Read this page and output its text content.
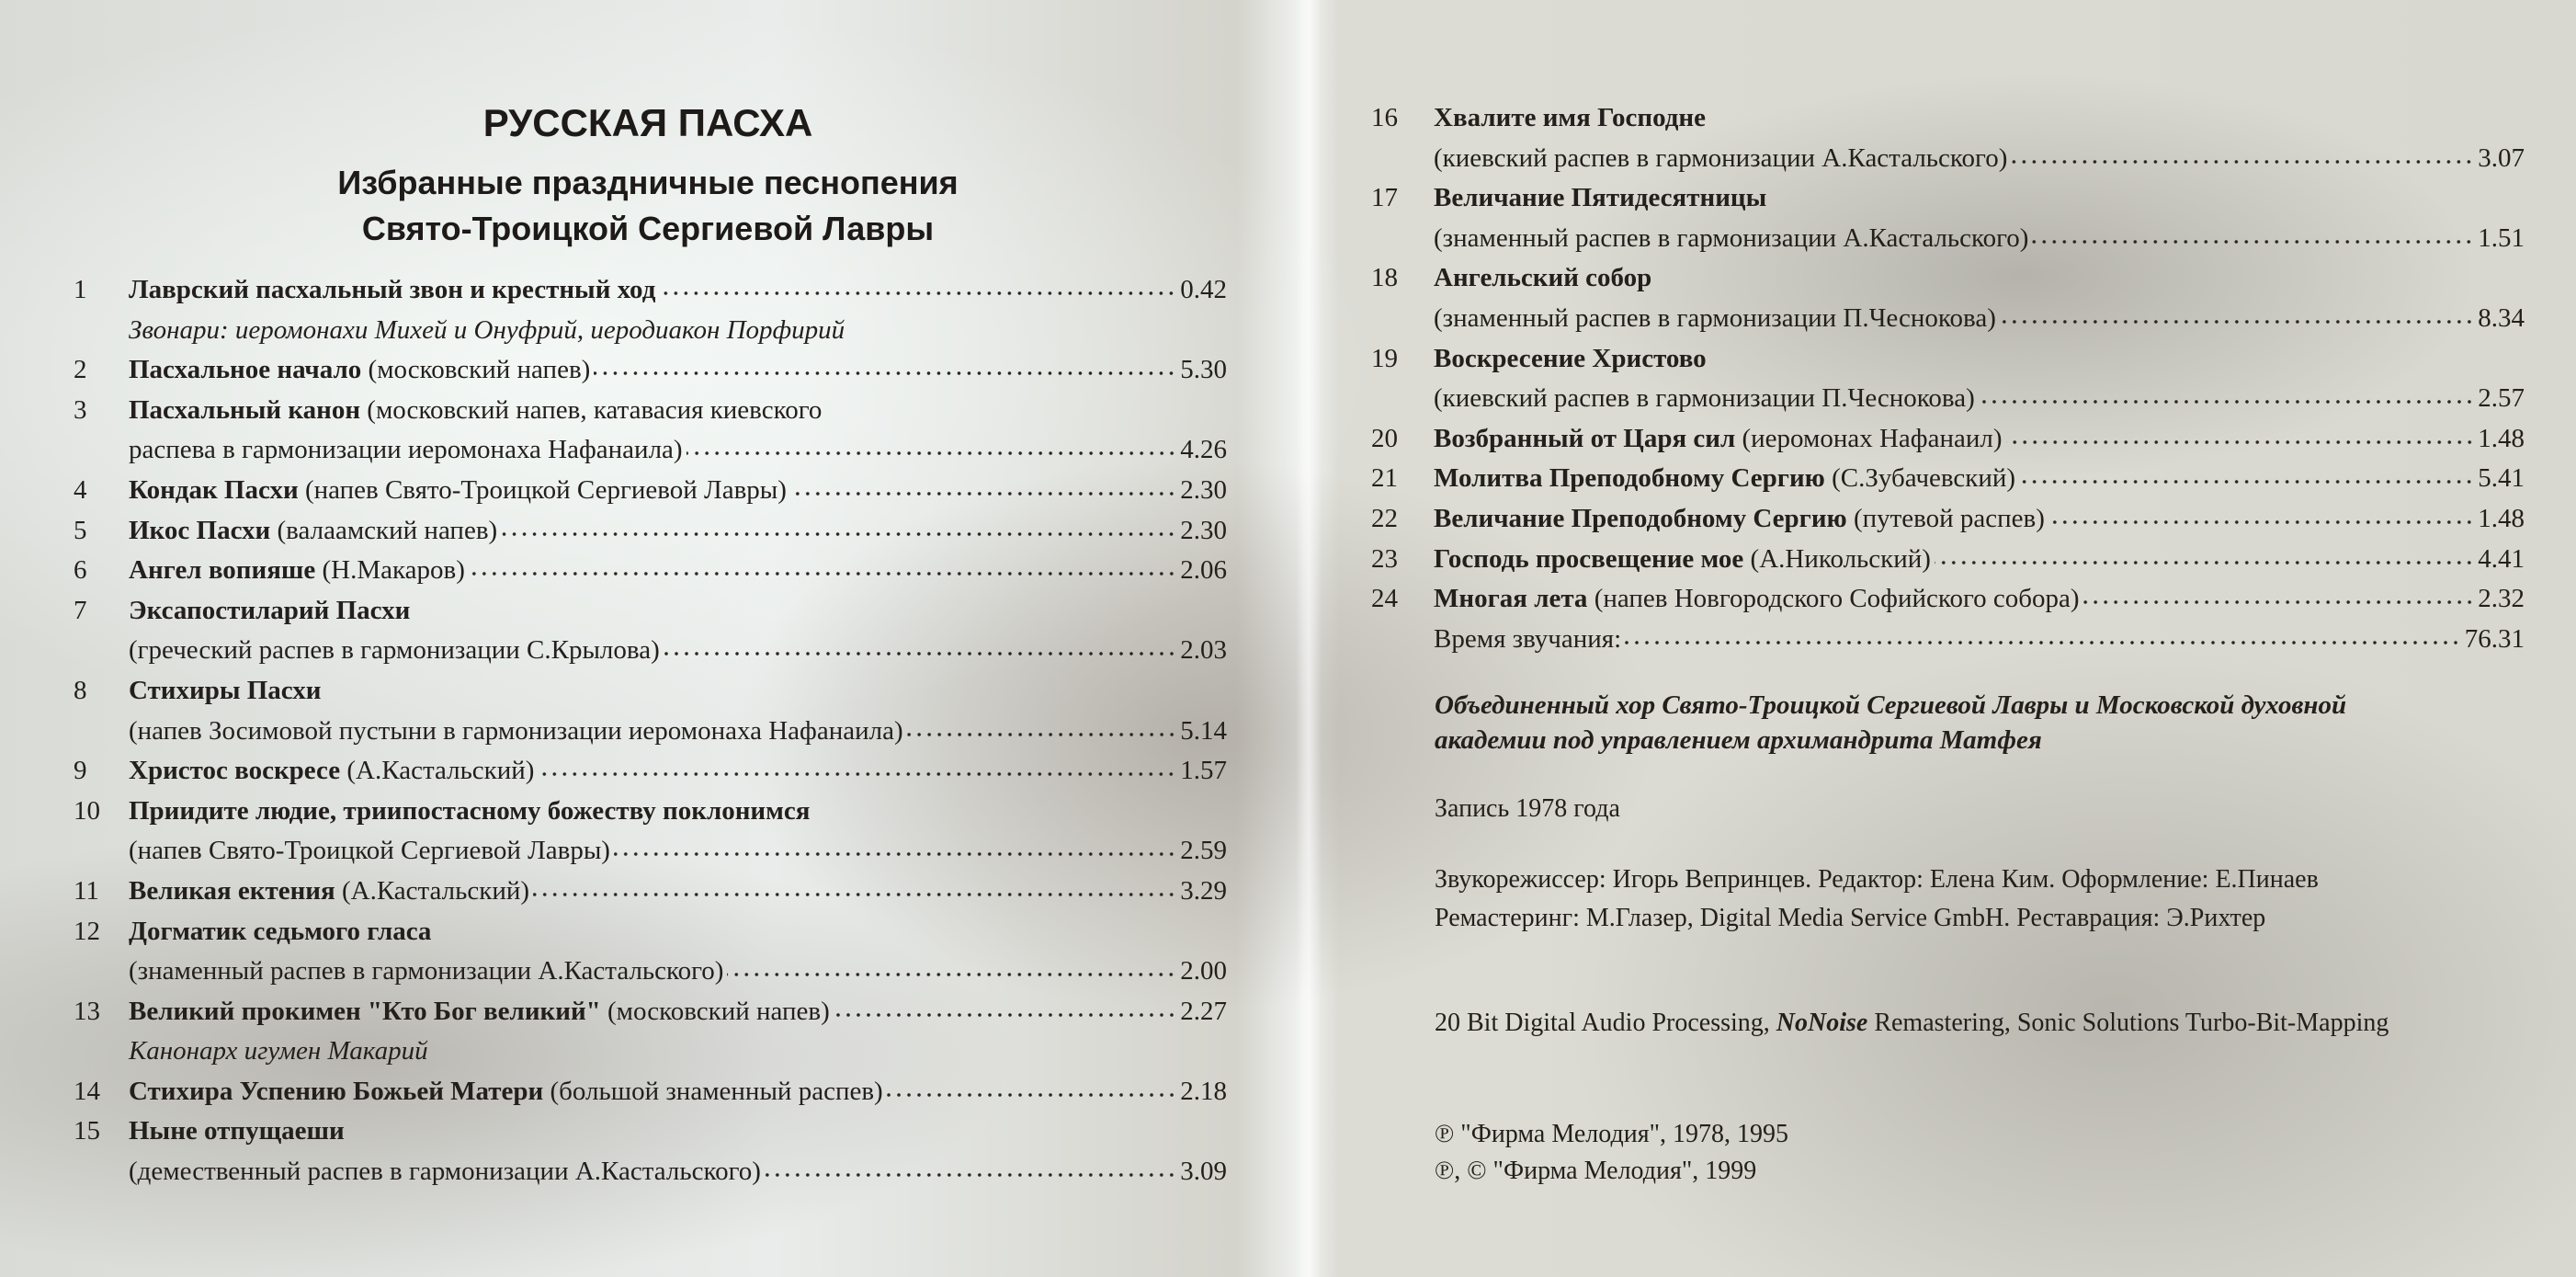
РУССКАЯ ПАСХА
Избранные праздничные песнопения
Свято-Троицкой Сергиевой Лавры
1	Лаврский пасхальный звон и крестный ход	0.42
Звонари: иеромонахи Михей и Онуфрий, иеродиакон Порфирий
2	Пасхальное начало (московский напев)	5.30
3	Пасхальный канон (московский напев, катавасия киевского
распева в гармонизации иеромонаха Нафанаила)	4.26
4	Кондак Пасхи (напев Свято-Троицкой Сергиевой Лавры)	2.30
5	Икос Пасхи (валаамский напев)	2.30
6	Ангел вопияше (Н.Макаров)	2.06
7	Эксапостиларий Пасхи
(греческий распев в гармонизации С.Крылова)	2.03
8	Стихиры Пасхи
(напев Зосимовой пустыни в гармонизации иеромонаха Нафанаила)	5.14
9	Христос воскресе (А.Кастальский)	1.57
10	Приидите людие, триипостасному божеству поклонимся
(напев Свято-Троицкой Сергиевой Лавры)	2.59
11	Великая ектения (А.Кастальский)	3.29
12	Догматик седьмого гласа
(знаменный распев в гармонизации А.Кастальского)	2.00
13	Великий прокимен "Кто Бог великий" (московский напев)	2.27
Канонарх игумен Макарий
14	Стихира Успению Божьей Матери (большой знаменный распев)	2.18
15	Ныне отпущаеши
(демественный распев в гармонизации А.Кастальского)	3.09
16	Хвалите имя Господне
(киевский распев в гармонизации А.Кастальского)	3.07
17	Величание Пятидесятницы
(знаменный распев в гармонизации А.Кастальского)	1.51
18	Ангельский собор
(знаменный распев в гармонизации П.Чеснокова)	8.34
19	Воскресение Христово
(киевский распев в гармонизации П.Чеснокова)	2.57
20	Возбранный от Царя сил (иеромонах Нафанаил)	1.48
21	Молитва Преподобному Сергию (С.Зубачевский)	5.41
22	Величание Преподобному Сергию (путевой распев)	1.48
23	Господь просвещение мое (А.Никольский)	4.41
24	Многая лета (напев Новгородского Софийского собора)	2.32
Время звучания:	76.31
Объединенный хор Свято-Троицкой Сергиевой Лавры и Московской духовной
академии под управлением архимандрита Матфея
Запись 1978 года
Звукорежиссер: Игорь Вепринцев. Редактор: Елена Ким. Оформление: Е.Пинаев
Ремастеринг: М.Глазер, Digital Media Service GmbH. Реставрация: Э.Рихтер
20 Bit Digital Audio Processing, NoNoise Remastering, Sonic Solutions Turbo-Bit-Mapping
℗ "Фирма Мелодия", 1978, 1995
℗, © "Фирма Мелодия", 1999
